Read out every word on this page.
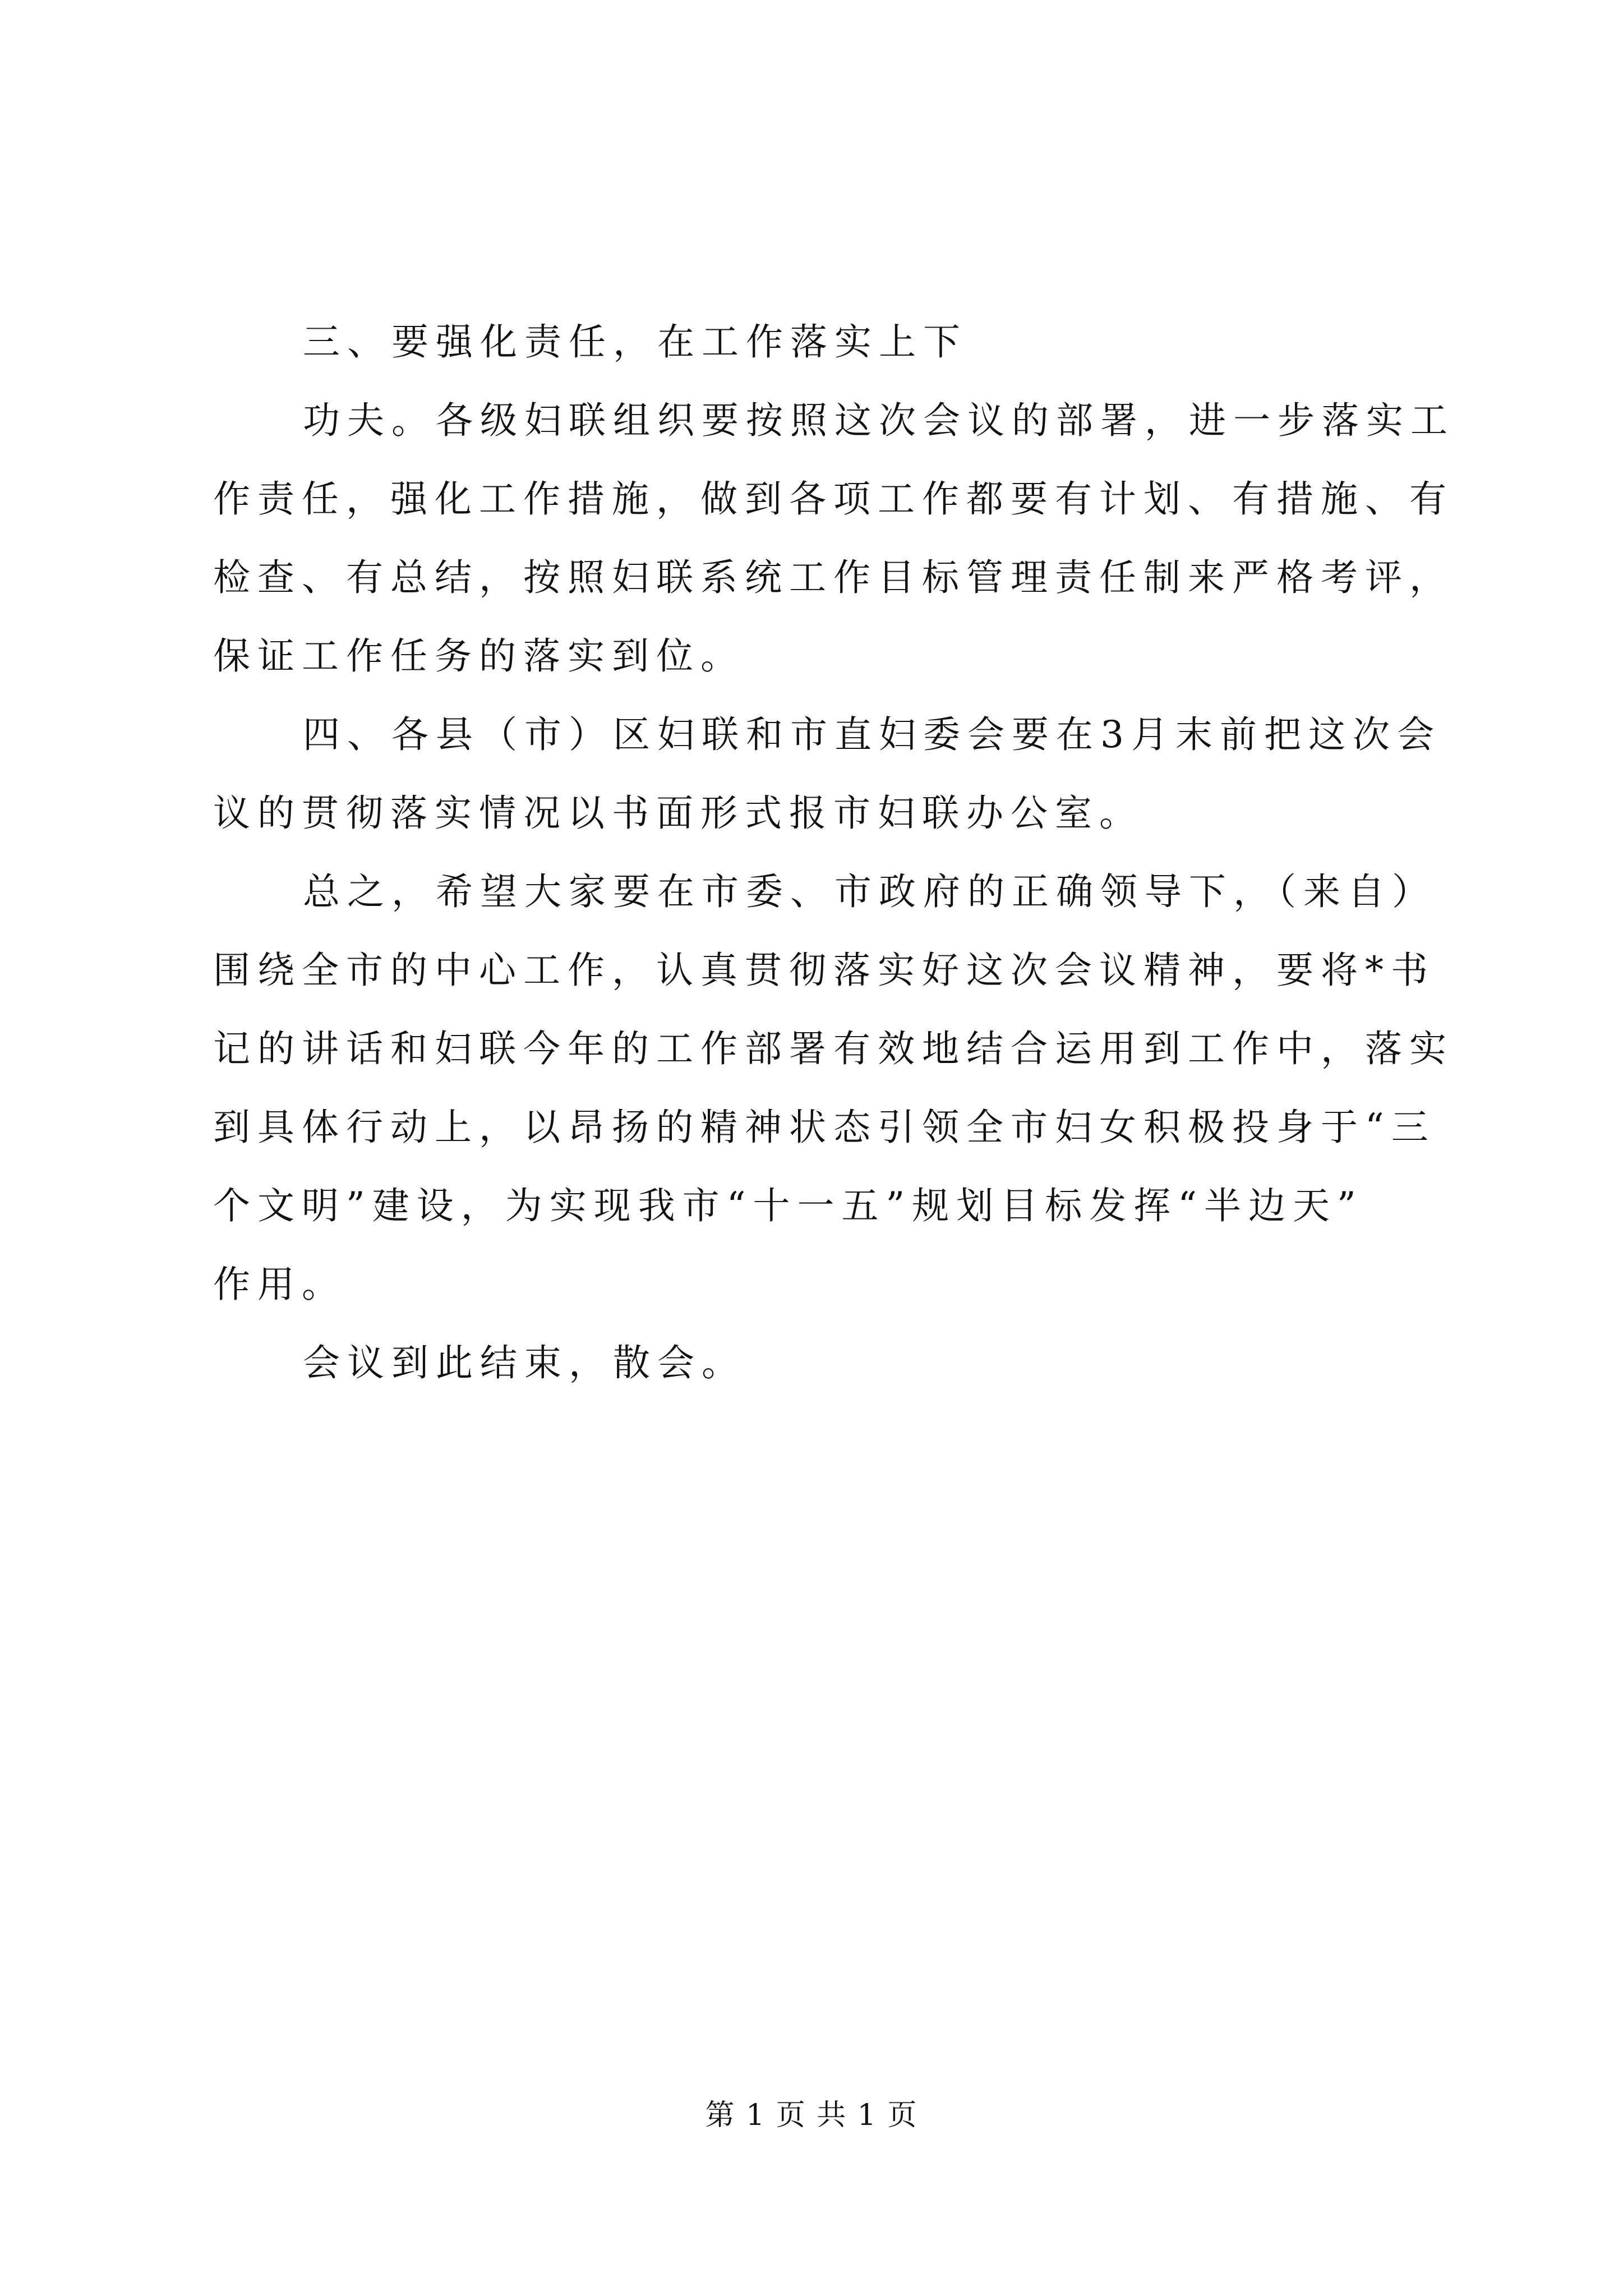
三、要强化责任，在工作落实上下
功夫。各级妇联组织要按照这次会议的部署，进一步落实工
作责任，强化工作措施，做到各项工作都要有计划、有措施、有
检查、有总结，按照妇联系统工作目标管理责任制来严格考评，
保证工作任务的落实到位。
四、各县（市）区妇联和市直妇委会要在3月末前把这次会
议的贯彻落实情况以书面形式报市妇联办公室。
总之，希望大家要在市委、市政府的正确领导下，（来自）
围绕全市的中心工作，认真贯彻落实好这次会议精神，要将*书
记的讲话和妇联今年的工作部署有效地结合运用到工作中，落实
到具体行动上，以昂扬的精神状态引领全市妇女积极投身于“三
个文明”建设，为实现我市“十一五”规划目标发挥“半边天”
作用。
会议到此结束，散会。
第 1 页 共 1 页
